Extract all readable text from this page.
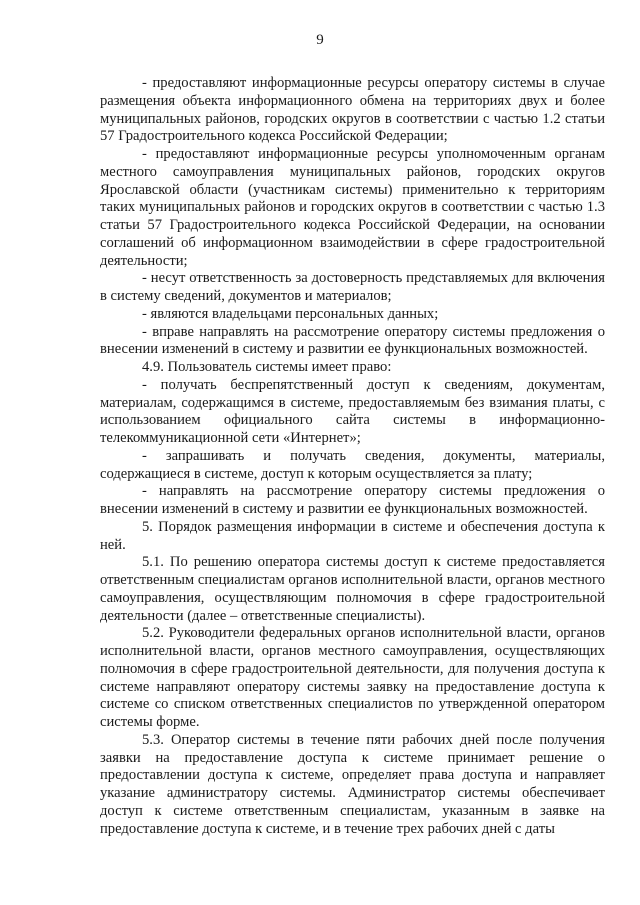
9

- предоставляют информационные ресурсы оператору системы в случае размещения объекта информационного обмена на территориях двух и более муниципальных районов, городских округов в соответствии с частью 1.2 статьи 57 Градостроительного кодекса Российской Федерации;

- предоставляют информационные ресурсы уполномоченным органам местного самоуправления муниципальных районов, городских округов Ярославской области (участникам системы) применительно к территориям таких муниципальных районов и городских округов в соответствии с частью 1.3 статьи 57 Градостроительного кодекса Российской Федерации, на основании соглашений об информационном взаимодействии в сфере градостроительной деятельности;

- несут ответственность за достоверность представляемых для включения в систему сведений, документов и материалов;

- являются владельцами персональных данных;

- вправе направлять на рассмотрение оператору системы предложения о внесении изменений в систему и развитии ее функциональных возможностей.

4.9. Пользователь системы имеет право:

- получать беспрепятственный доступ к сведениям, документам, материалам, содержащимся в системе, предоставляемым без взимания платы, с использованием официального сайта системы в информационно-телекоммуникационной сети «Интернет»;

- запрашивать и получать сведения, документы, материалы, содержащиеся в системе, доступ к которым осуществляется за плату;

- направлять на рассмотрение оператору системы предложения о внесении изменений в систему и развитии ее функциональных возможностей.

5. Порядок размещения информации в системе и обеспечения доступа к ней.

5.1. По решению оператора системы доступ к системе предоставляется ответственным специалистам органов исполнительной власти, органов местного самоуправления, осуществляющим полномочия в сфере градостроительной деятельности (далее – ответственные специалисты).

5.2. Руководители федеральных органов исполнительной власти, органов исполнительной власти, органов местного самоуправления, осуществляющих полномочия в сфере градостроительной деятельности, для получения доступа к системе направляют оператору системы заявку на предоставление доступа к системе со списком ответственных специалистов по утвержденной оператором системы форме.

5.3. Оператор системы в течение пяти рабочих дней после получения заявки на предоставление доступа к системе принимает решение о предоставлении доступа к системе, определяет права доступа и направляет указание администратору системы. Администратор системы обеспечивает доступ к системе ответственным специалистам, указанным в заявке на предоставление доступа к системе, и в течение трех рабочих дней с даты
